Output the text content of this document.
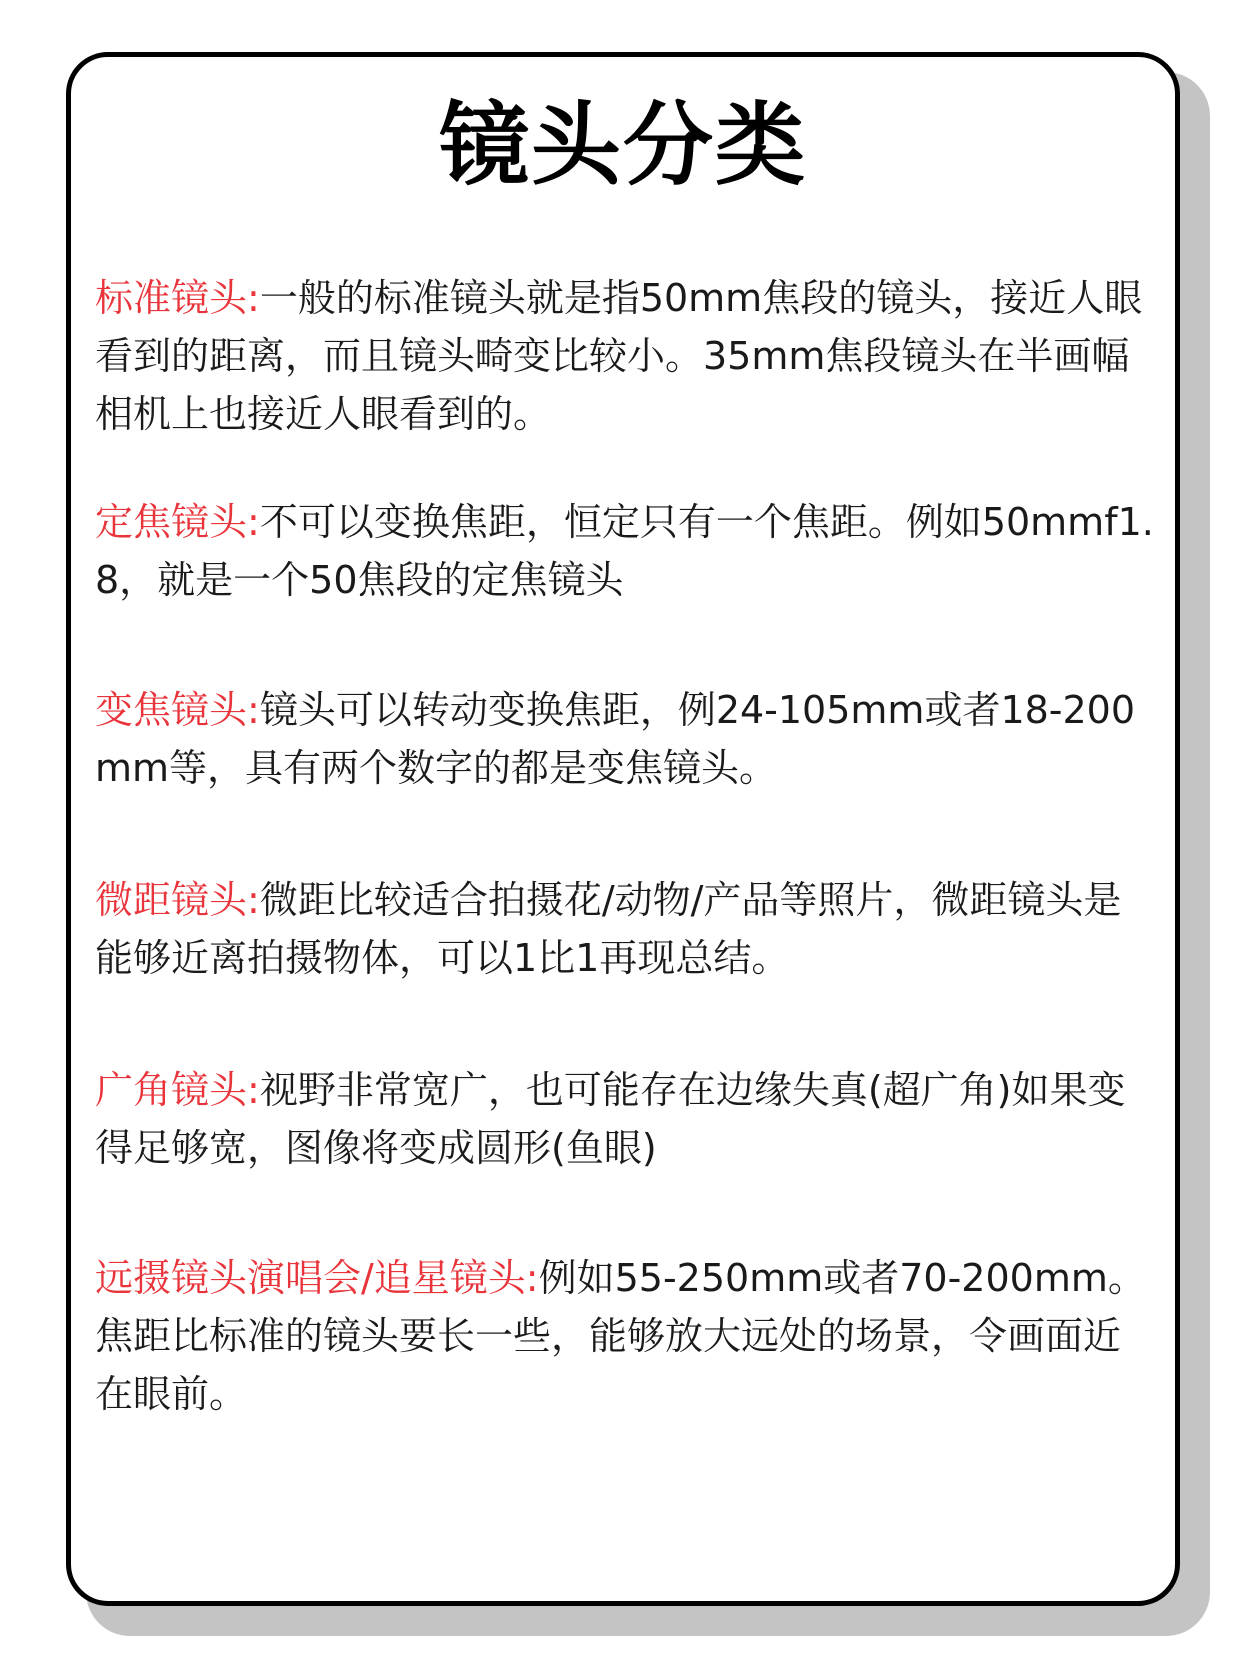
镜头分类
标准镜头:一般的标准镜头就是指50mm焦段的镜头，接近人眼看到的距离，而且镜头畸变比较小。35mm焦段镜头在半画幅相机上也接近人眼看到的。
定焦镜头:不可以变换焦距，恒定只有一个焦距。例如50mmf1.8，就是一个50焦段的定焦镜头
变焦镜头:镜头可以转动变换焦距，例24-105mm或者18-200mm等，具有两个数字的都是变焦镜头。
微距镜头:微距比较适合拍摄花/动物/产品等照片，微距镜头是能够近离拍摄物体，可以1比1再现总结。
广角镜头:视野非常宽广，也可能存在边缘失真(超广角)如果变得足够宽，图像将变成圆形(鱼眼)
远摄镜头演唱会/追星镜头:例如55-250mm或者70-200mm。焦距比标准的镜头要长一些，能够放大远处的场景，令画面近在眼前。
